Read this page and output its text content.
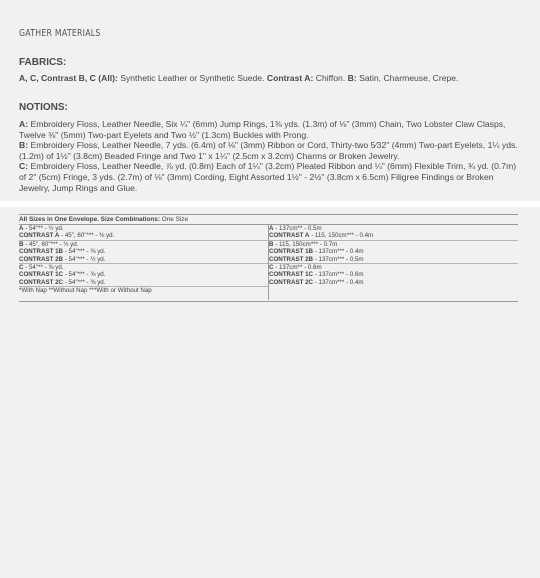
GATHER MATERIALS
FABRICS:
A, C, Contrast B, C (All): Synthetic Leather or Synthetic Suede. Contrast A: Chiffon. B: Satin, Charmeuse, Crepe.
NOTIONS:

A: Embroidery Floss, Leather Needle, Six ¼" (6mm) Jump Rings, 1⅜ yds. (1.3m) of ⅛" (3mm) Chain, Two Lobster Claw Clasps, Twelve ⅜" (5mm) Two-part Eyelets and Two ½" (1.3cm) Buckles with Prong.

B: Embroidery Floss, Leather Needle, 7 yds. (6.4m) of ⅛" (3mm) Ribbon or Cord, Thirty-two 5⁄32" (4mm) Two-part Eyelets, 1¼ yds. (1.2m) of 1½" (3.8cm) Beaded Fringe and Two 1" x 1¼" (2.5cm x 3.2cm) Charms or Broken Jewelry.

C: Embroidery Floss, Leather Needle, ⅞ yd. (0.8m) Each of 1¼" (3.2cm) Pleated Ribbon and ¼" (6mm) Flexible Trim, ¾ yd. (0.7m) of 2" (5cm) Fringe, 3 yds. (2.7m) of ⅛" (3mm) Cording, Eight Assorted 1½" - 2½" (3.8cm x 6.5cm) Filigree Findings or Broken Jewelry, Jump Rings and Glue.

All Sizes in One Envelope. Size Combinations: One Size
A - 54"** - ½ yd.
CONTRAST A - 45", 60"*** - ⅜ yd.
B - 45", 60"*** - ¾ yd.
CONTRAST 1B - 54"*** - ⅜ yd.
CONTRAST 2B - 54"*** - ½ yd.
C - 54"** - ⅝ yd.
CONTRAST 1C - 54"*** - ⅝ yd.
CONTRAST 2C - 54"*** - ⅜ yd.
*With Nap **Without Nap ***With or Without Nap
A - 137cm** - 0.5m
CONTRAST A - 115, 150cm*** - 0.4m
B - 115, 150cm*** - 0.7m
CONTRAST 1B - 137cm*** - 0.4m
CONTRAST 2B - 137cm*** - 0.5m
C - 137cm** - 0.6m
CONTRAST 1C - 137cm*** - 0.6m
CONTRAST 2C - 137cm*** - 0.4m
